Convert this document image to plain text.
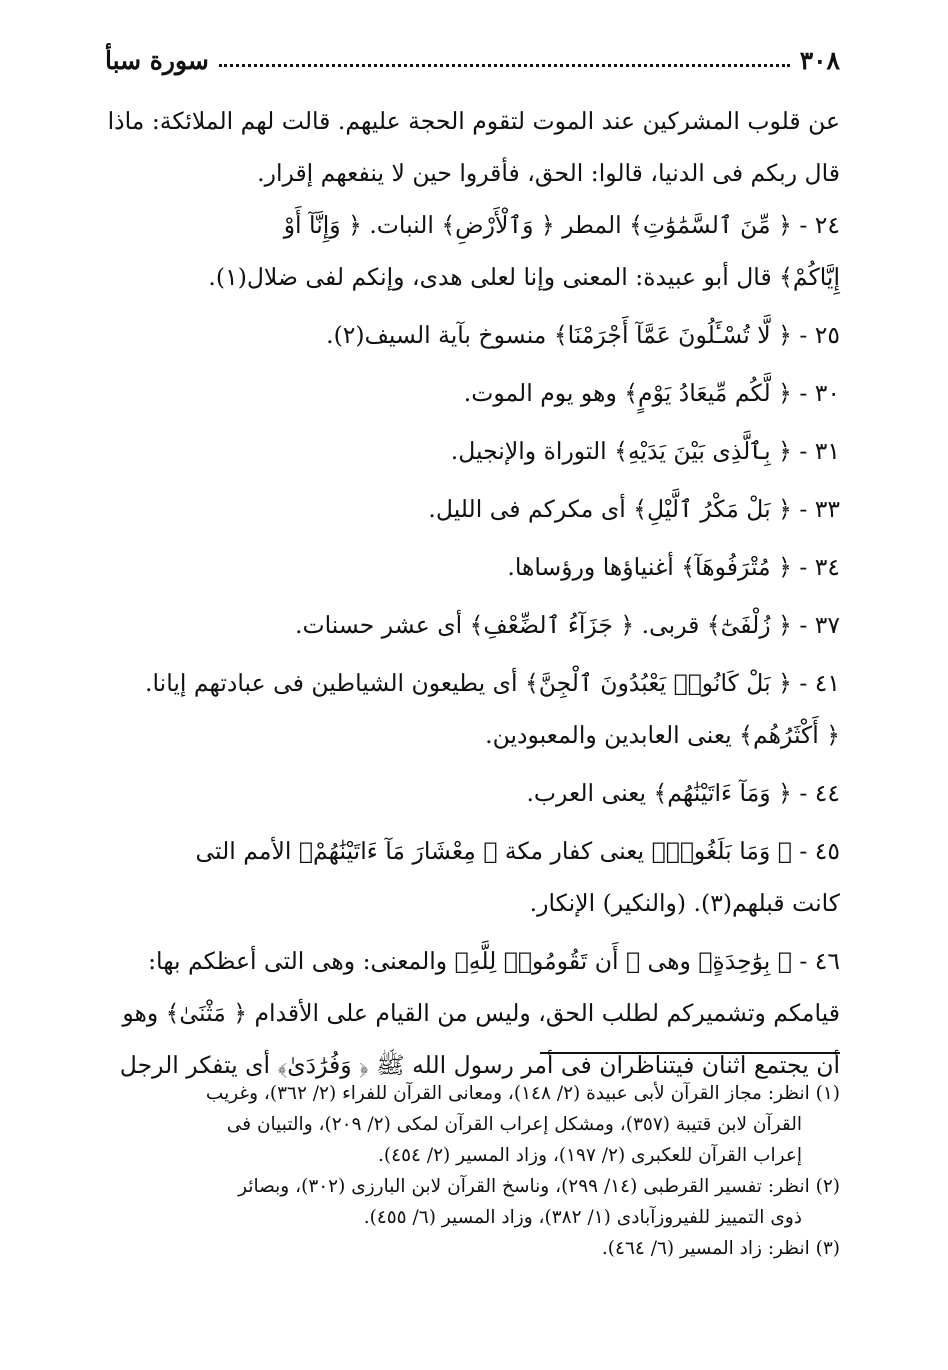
٣٠٨
سورة سبأ
عن قلوب المشركين عند الموت لتقوم الحجة عليهم. قالت لهم الملائكة: ماذا
قال ربكم فى الدنيا، قالوا: الحق، فأقروا حين لا ينفعهم إقرار.
٢٤ - ﴿ مِّنَ ٱلسَّمَٰوَٰتِ﴾ المطر ﴿ وَٱلْأَرْضِ﴾ النبات. ﴿ وَإِنَّآ أَوْ
إِيَّاكُمْ﴾ قال أبو عبيدة: المعنى وإنا لعلى هدى، وإنكم لفى ضلال(١).
٢٥ - ﴿ لَّا تُسْـَٔلُونَ عَمَّآ أَجْرَمْنَا﴾ منسوخ بآية السيف(٢).
٣٠ - ﴿ لَّكُم مِّيعَادُ يَوْمٍ﴾ وهو يوم الموت.
٣١ - ﴿ بِٱلَّذِى بَيْنَ يَدَيْهِ﴾ التوراة والإنجيل.
٣٣ - ﴿ بَلْ مَكْرُ ٱلَّيْلِ﴾ أى مكركم فى الليل.
٣٤ - ﴿ مُتْرَفُوهَآ﴾ أغنياؤها ورؤساها.
٣٧ - ﴿ زُلْفَىٰٓ﴾ قربى. ﴿ جَزَآءُ ٱلضِّعْفِ﴾ أى عشر حسنات.
٤١ - ﴿ بَلْ كَانُوا۟ يَعْبُدُونَ ٱلْجِنَّ﴾ أى يطيعون الشياطين فى عبادتهم إيانا.
﴿ أَكْثَرُهُم﴾ يعنى العابدين والمعبودين.
٤٤ - ﴿ وَمَآ ءَاتَيْنَٰهُم﴾ يعنى العرب.
٤٥ - ﴿ وَمَا بَلَغُوا۟﴾ يعنى كفار مكة ﴿ مِعْشَارَ مَآ ءَاتَيْنَٰهُمْ﴾ الأمم التى
كانت قبلهم(٣). (والنكير) الإنكار.
٤٦ - ﴿ بِوَٰحِدَةٍ﴾ وهى ﴿ أَن تَقُومُوا۟ لِلَّهِ﴾ والمعنى: وهى التى أعظكم بها:
قيامكم وتشميركم لطلب الحق، وليس من القيام على الأقدام ﴿ مَثْنَىٰ﴾ وهو
أن يجتمع اثنان فيتناظران فى أمر رسول الله ﷺ ﴿ وَفُرَٰدَىٰ﴾ أى يتفكر الرجل
(١) انظر: مجاز القرآن لأبى عبيدة (٢/ ١٤٨)، ومعانى القرآن للفراء (٢/ ٣٦٢)، وغريب
القرآن لابن قتيبة (٣٥٧)، ومشكل إعراب القرآن لمكى (٢/ ٢٠٩)، والتبيان فى
إعراب القرآن للعكبرى (٢/ ١٩٧)، وزاد المسير (٢/ ٤٥٤).
(٢) انظر: تفسير القرطبى (١٤/ ٢٩٩)، وناسخ القرآن لابن البارزى (٣٠٢)، وبصائر
ذوى التمييز للفيروزآبادى (١/ ٣٨٢)، وزاد المسير (٦/ ٤٥٥).
(٣) انظر: زاد المسير (٦/ ٤٦٤).
